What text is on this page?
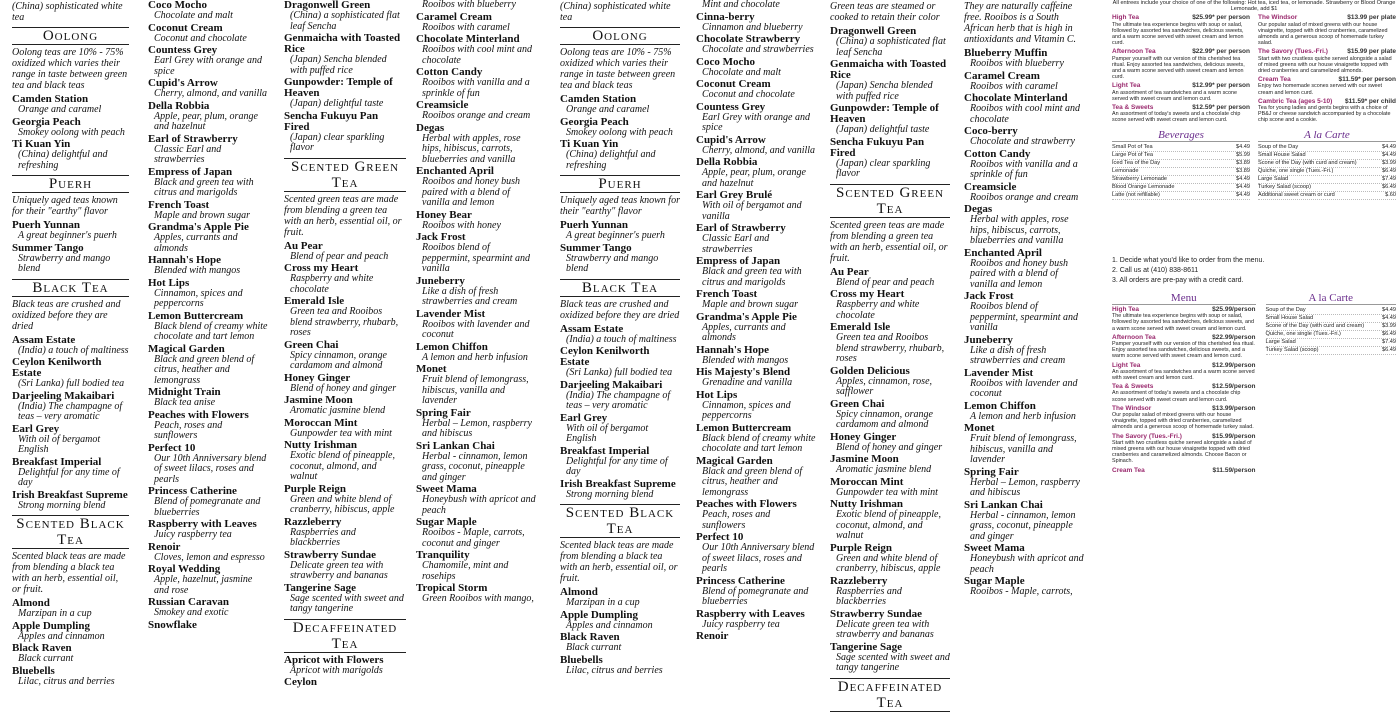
(China) sophisticated white tea
Oolong
Oolong teas are 10% - 75% oxidized which varies their range in taste between green tea and black teas
Camden Station
Orange and caramel
Georgia Peach
Smokey oolong with peach
Ti Kuan Yin
(China) delightful and refreshing
Puerh
Uniquely aged teas known for their "earthy" flavor
Puerh Yunnan
A great beginner's puerh
Summer Tango
Strawberry and mango blend
Black Tea
Black teas are crushed and oxidized before they are dried
Assam Estate
(India) a touch of maltiness
Ceylon Kenilworth Estate
(Sri Lanka) full bodied tea
Darjeeling Makaibari
(India) The champagne of teas – very aromatic
Earl Grey
With oil of bergamot English
Breakfast Imperial
Delightful for any time of day
Irish Breakfast Supreme
Strong morning blend
Scented Black Tea
Scented black teas are made from blending a black tea with an herb, essential oil, or fruit.
Almond
Marzipan in a cup
Apple Dumpling
Apples and cinnamon
Black Raven
Black currant
Bluebells
Lilac, citrus and berries
Coco Mocho
Chocolate and malt
Coconut Cream
Coconut and chocolate
Countess Grey
Earl Grey with orange and spice
Cupid's Arrow
Cherry, almond, and vanilla
Della Robbia
Apple, pear, plum, orange and hazelnut
Earl of Strawberry
Classic Earl and strawberries
Empress of Japan
Black and green tea with citrus and marigolds
French Toast
Maple and brown sugar
Grandma's Apple Pie
Apples, currants and almonds
Hannah's Hope
Blended with mangos
Hot Lips
Cinnamon, spices and peppercorns
Lemon Buttercream
Black blend of creamy white chocolate and tart lemon
Magical Garden
Black and green blend of citrus, heather and lemongrass
Midnight Train
Black tea anise
Peaches with Flowers
Peach, roses and sunflowers
Perfect 10
Our 10th Anniversary blend of sweet lilacs, roses and pearls
Princess Catherine
Blend of pomegranate and blueberries
Raspberry with Leaves
Juicy raspberry tea
Renoir
Cloves, lemon and espresso
Royal Wedding
Apple, hazelnut, jasmine and rose
Russian Caravan
Smokey and exotic
Snowflake
Dragonwell Green
(China) a sophisticated flat leaf Sencha
Genmaicha with Toasted Rice
(Japan) Sencha blended with puffed rice
Gunpowder: Temple of Heaven
(Japan) delightful taste
Sencha Fukuyu Pan Fired
(Japan) clear sparkling flavor
Scented Green Tea
Scented green teas are made from blending a green tea with an herb, essential oil, or fruit.
Au Pear
Blend of pear and peach
Cross my Heart
Raspberry and white chocolate
Emerald Isle
Green tea and Rooibos blend strawberry, rhubarb, roses
Green Chai
Spicy cinnamon, orange cardamom and almond
Honey Ginger
Blend of honey and ginger
Jasmine Moon
Aromatic jasmine blend
Moroccan Mint
Gunpowder tea with mint
Nutty Irishman
Exotic blend of pineapple, coconut, almond, and walnut
Purple Reign
Green and white blend of cranberry, hibiscus, apple
Razzleberry
Raspberries and blackberries
Strawberry Sundae
Delicate green tea with strawberry and bananas
Tangerine Sage
Sage scented with sweet and tangy tangerine
Decaffeinated Tea
Apricot with Flowers
Apricot with marigolds
Ceylon
Rooibos with blueberry
Caramel Cream
Rooibos with caramel
Chocolate Minterland
Rooibos with cool mint and chocolate
Cotton Candy
Rooibos with vanilla and a sprinkle of fun
Creamsicle
Rooibos orange and cream
Degas
Herbal with apples, rose hips, hibiscus, carrots, blueberries and vanilla
Enchanted April
Rooibos and honey bush paired with a blend of vanilla and lemon
Honey Bear
Rooibos with honey
Jack Frost
Rooibos blend of peppermint, spearmint and vanilla
Juneberry
Like a dish of fresh strawberries and cream
Lavender Mist
Rooibos with lavender and coconut
Lemon Chiffon
A lemon and herb infusion
Monet
Fruit blend of lemongrass, hibiscus, vanilla and lavender
Spring Fair
Herbal – Lemon, raspberry and hibiscus
Sri Lankan Chai
Herbal - cinnamon, lemon grass, coconut, pineapple and ginger
Sweet Mama
Honeybush with apricot and peach
Sugar Maple
Rooibos - Maple, carrots, coconut and ginger
Tranquility
Chamomile, mint and rosehips
Tropical Storm
Green Rooibos with mango,
(China) sophisticated white tea
Oolong
Oolong teas are 10% - 75% oxidized which varies their range in taste between green tea and black teas
Camden Station
Orange and caramel
Georgia Peach
Smokey oolong with peach
Ti Kuan Yin
(China) delightful and refreshing
Puerh
Uniquely aged teas known for their "earthy" flavor
Puerh Yunnan
A great beginner's puerh
Summer Tango
Strawberry and mango blend
Black Tea
Black teas are crushed and oxidized before they are dried
Assam Estate
(India) a touch of maltiness
Ceylon Kenilworth Estate
(Sri Lanka) full bodied tea
Darjeeling Makaibari
(India) The champagne of teas – very aromatic
Earl Grey
With oil of bergamot English
Breakfast Imperial
Delightful for any time of day
Irish Breakfast Supreme
Strong morning blend
Scented Black Tea
Scented black teas are made from blending a black tea with an herb, essential oil, or fruit.
Almond
Marzipan in a cup
Apple Dumpling
Apples and cinnamon
Black Raven
Black currant
Bluebells
Lilac, citrus and berries
Mint and chocolate
Cinna-berry
Cinnamon and blueberry
Chocolate Strawberry
Chocolate and strawberries
Coco Mocho
Chocolate and malt
Coconut Cream
Coconut and chocolate
Countess Grey
Earl Grey with orange and spice
Cupid's Arrow
Cherry, almond, and vanilla
Della Robbia
Apple, pear, plum, orange and hazelnut
Earl Grey Brulé
With oil of bergamot and vanilla
Earl of Strawberry
Classic Earl and strawberries
Empress of Japan
Black and green tea with citrus and marigolds
French Toast
Maple and brown sugar
Grandma's Apple Pie
Apples, currants and almonds
Hannah's Hope
Blended with mangos
His Majesty's Blend
Grenadine and vanilla
Hot Lips
Cinnamon, spices and peppercorns
Lemon Buttercream
Black blend of creamy white chocolate and tart lemon
Magical Garden
Black and green blend of citrus, heather and lemongrass
Peaches with Flowers
Peach, roses and sunflowers
Perfect 10
Our 10th Anniversary blend of sweet lilacs, roses and pearls
Princess Catherine
Blend of pomegranate and blueberries
Raspberry with Leaves
Juicy raspberry tea
Renoir
Green teas are steamed or cooked to retain their color
Dragonwell Green
(China) a sophisticated flat leaf Sencha
Genmaicha with Toasted Rice
(Japan) Sencha blended with puffed rice
Gunpowder: Temple of Heaven
(Japan) delightful taste
Sencha Fukuyu Pan Fired
(Japan) clear sparkling flavor
Scented Green Tea
Scented green teas are made from blending a green tea with an herb, essential oil, or fruit.
Au Pear
Blend of pear and peach
Cross my Heart
Raspberry and white chocolate
Emerald Isle
Green tea and Rooibos blend strawberry, rhubarb, roses
Golden Delicious
Apples, cinnamon, rose, safflower
Green Chai
Spicy cinnamon, orange cardamom and almond
Honey Ginger
Blend of honey and ginger
Jasmine Moon
Aromatic jasmine blend
Moroccan Mint
Gunpowder tea with mint
Nutty Irishman
Exotic blend of pineapple, coconut, almond, and walnut
Purple Reign
Green and white blend of cranberry, hibiscus, apple
Razzleberry
Raspberries and blackberries
Strawberry Sundae
Delicate green tea with strawberry and bananas
Tangerine Sage
Sage scented with sweet and tangy tangerine
Decaffeinated Tea
They are naturally caffeine free. Rooibos is a South African herb that is high in antioxidants and Vitamin C.
Blueberry Muffin
Rooibos with blueberry
Caramel Cream
Rooibos with caramel
Chocolate Minterland
Rooibos with cool mint and chocolate
Coco-berry
Chocolate and strawberry
Cotton Candy
Rooibos with vanilla and a sprinkle of fun
Creamsicle
Rooibos orange and cream
Degas
Herbal with apples, rose hips, hibiscus, carrots, blueberries and vanilla
Enchanted April
Rooibos and honey bush paired with a blend of vanilla and lemon
Jack Frost
Rooibos blend of peppermint, spearmint and vanilla
Juneberry
Like a dish of fresh strawberries and cream
Lavender Mist
Rooibos with lavender and coconut
Lemon Chiffon
A lemon and herb infusion
Monet
Fruit blend of lemongrass, hibiscus, vanilla and lavender
Spring Fair
Herbal – Lemon, raspberry and hibiscus
Sri Lankan Chai
Herbal - cinnamon, lemon grass, coconut, pineapple and ginger
Sweet Mama
Honeybush with apricot and peach
Sugar Maple
Rooibos - Maple, carrots,
All entrees include your choice of one of the following: Hot tea, iced tea, or lemonade. Strawberry or Blood Orange Lemonade, add $1
High Tea	$25.99* per person
The ultimate tea experience begins with soup or salad, followed by assorted tea sandwiches, delicious sweets, and a warm scone served with sweet cream and lemon curd.
Afternoon Tea	$22.99* per person
Pamper yourself with our version of this cherished tea ritual. Enjoy assorted tea sandwiches, delicious sweets, and a warm scone served with sweet cream and lemon curd.
Light Tea	$12.99* per person
An assortment of tea sandwiches and a warm scone served with sweet cream and lemon curd.
Tea & Sweets	$12.59* per person
An assortment of today's sweets and a chocolate chip scone served with sweet cream and lemon curd.
The Windsor	$13.99 per plate
Our popular salad of mixed greens with our house vinaigrette, topped with dried cranberries, caramelized almonds and a generous scoop of homemade turkey salad.
The Savory (Tues.-Fri.)	$15.99 per plate
Start with two crustless quiche served alongside a salad of mixed greens with our house vinaigrette topped with dried cranberries and caramelized almonds.
Cream Tea	$11.59* per person
Enjoy two homemade scones served with our sweet cream and lemon curd.
Cambric Tea (ages 5-10) $11.59* per child
Tea for young ladies and gents begins with a choice of PB&J or cheese sandwich accompanied by a chocolate chip scone and a cookie.
Beverages
Small Pot of Tea	$4.49
Large Pot of Tea	$5.99
Iced Tea of the Day	$3.89
Lemonade	$3.89
Strawberry Lemonade	$4.49
Blood Orange Lemonade	$4.49
Latte (not refillable)	$4.49
A la Carte
Soup of the Day	$4.49
Small House Salad	$4.49
Scone of the Day (with curd and cream)	$3.99
Quiche, one single (Tues.-Fri.)	$6.49
Large Salad	$7.49
Turkey Salad (scoop)	$6.49
Additional sweet cream or curd	$.60
1. Decide what you'd like to order from the menu.
2. Call us at (410) 838-8611
3. All orders are pre-pay with a credit card.
Menu
High Tea	$25.99/person
The ultimate tea experience begins with soup or salad, followed by assorted tea sandwiches, delicious sweets, and a warm scone served with sweet cream and lemon curd.
Afternoon Tea	$22.99/person
Pamper yourself with our version of this cherished tea ritual. Enjoy assorted tea sandwiches, delicious sweets, and a warm scone served with sweet cream and lemon curd.
Light Tea	$12.99/person
An assortment of tea sandwiches and a warm scone served with sweet cream and lemon curd.
Tea & Sweets	$12.59/person
An assortment of today's sweets and a chocolate chip scone served with sweet cream and lemon curd.
The Windsor	$13.99/person
Our popular salad of mixed greens with our house vinaigrette, topped with dried cranberries, caramelized almonds and a generous scoop of homemade turkey salad.
The Savory (Tues.-Fri.)	$15.99/person
Start with two crustless quiche served alongside a salad of mixed greens with our house vinaigrette topped with dried cranberries and caramelized almonds. Choose Bacon or Spinach.
Cream Tea	$11.59/person
A la Carte
Soup of the Day	$4.49
Small House Salad	$4.49
Scone of the Day (with curd and cream)	$3.99
Quiche, one single (Tues.-Fri.)	$6.49
Large Salad	$7.49
Turkey Salad (scoop)	$6.49
